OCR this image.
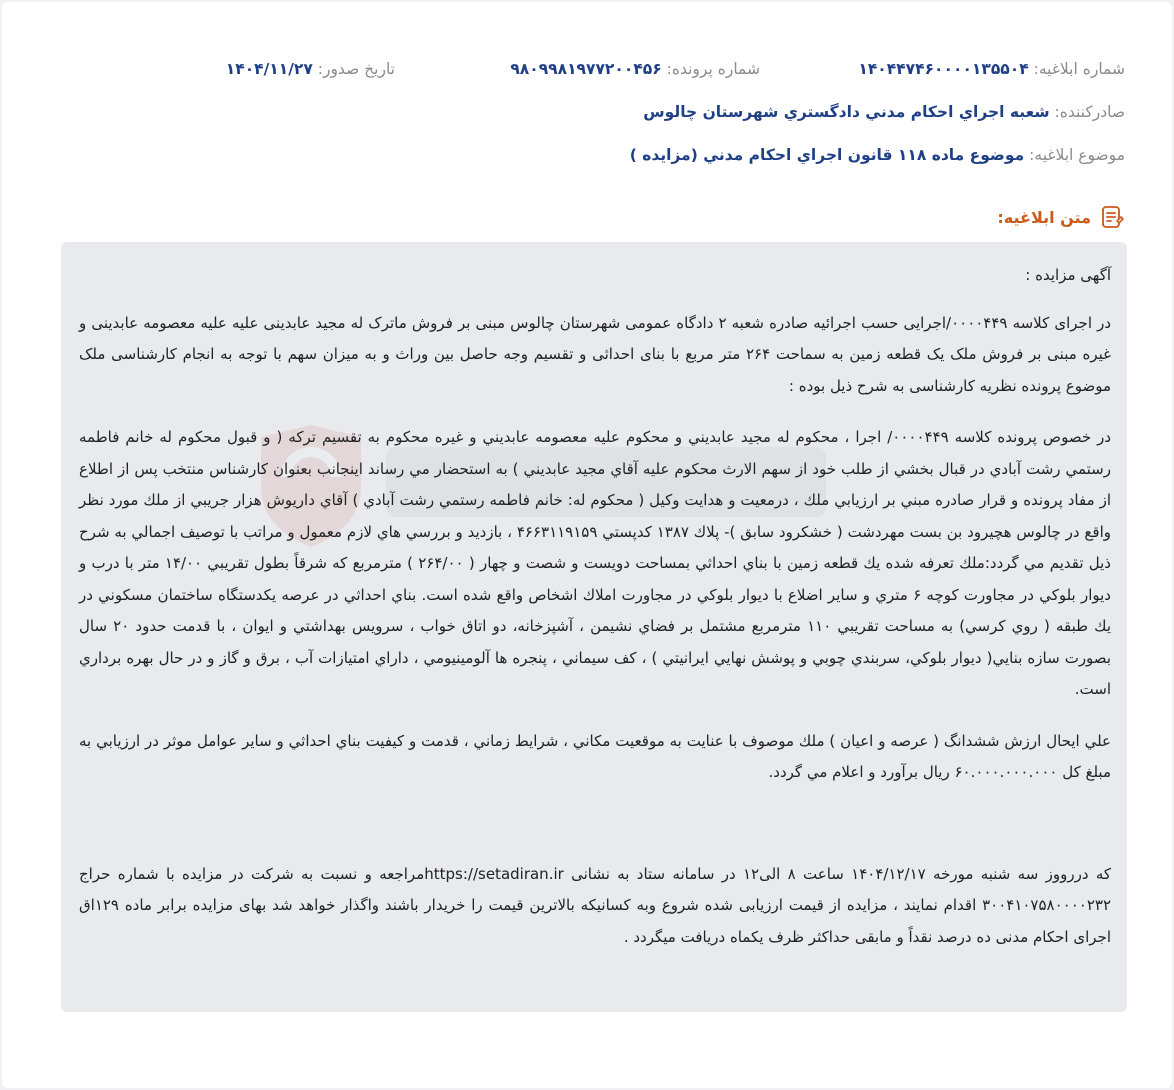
شماره ابلاغيه: ۱۴۰۴۴۷۴۶۰۰۰۰۱۳۵۵۰۴
شماره پرونده: ۹۸۰۹۹۸۱۹۷۷۲۰۰۴۵۶
تاريخ صدور: ۱۴۰۴/۱۱/۲۷
صادركننده: شعبه اجراي احكام مدني دادگستري شهرستان چالوس
موضوع ابلاغيه: موضوع ماده ۱۱۸ قانون اجراي احكام مدني (مزايده )
متن ابلاغيه:

آگهی مزایده :

در اجرای کلاسه ۰۰۰۰۴۴۹/اجرایی حسب اجرائیه صادره شعبه ۲ دادگاه عمومی شهرستان چالوس مبنی بر فروش ماترک له مجید عابدینی علیه علیه معصومه عابدینی و غیره مبنی بر فروش ملک یک قطعه زمین به سماحت ۲۶۴ متر مربع با بنای احداثی و تقسیم وجه حاصل بین وراث و به میزان سهم با توجه به انجام کارشناسی ملک موضوع پرونده نظریه کارشناسی به شرح ذیل بوده :

در خصوص پرونده كلاسه ۰۰۰۰۴۴۹/ اجرا ، محكوم له مجيد عابديني و محكوم عليه معصومه عابديني و غيره محكوم به تقسيم تركه ( و قبول محكوم له خانم فاطمه رستمي رشت آبادي در قبال بخشي از طلب خود از سهم الارث محكوم عليه آقاي مجيد عابديني ) به استحضار مي رساند اينجانب بعنوان كارشناس منتخب پس از اطلاع از مفاد پرونده و قرار صادره مبني بر ارزيابي ملك ، درمعيت و هدايت وكيل ( محكوم له: خانم فاطمه رستمي رشت آبادي ) آقاي داريوش هزار جريبي از ملك مورد نظر واقع در چالوس هچيرود بن بست مهردشت ( خشكرود سابق )- پلاك ۱۳۸۷ كدپستي ۴۶۶۳۱۱۹۱۵۹ ، بازديد و بررسي هاي لازم معمول و مراتب با توصيف اجمالي به شرح ذيل تقديم مي گردد:ملك تعرفه شده يك قطعه زمين با بناي احداثي بمساحت دويست و شصت و چهار ( ۲۶۴/۰۰ ) مترمربع كه شرقاً بطول تقريبي ۱۴/۰۰ متر با درب و ديوار بلوكي در مجاورت كوچه ۶ متري و ساير اضلاع با ديوار بلوكي در مجاورت املاك اشخاص واقع شده است. بناي احداثي در عرصه يكدستگاه ساختمان مسكوني در يك طبقه ( روي كرسي) به مساحت تقريبي ۱۱۰ مترمربع مشتمل بر فضاي نشيمن ، آشپزخانه، دو اتاق خواب ، سرويس بهداشتي و ايوان ، با قدمت حدود ۲۰ سال بصورت سازه بنايي( ديوار بلوكي، سربندي چوبي و پوشش نهايي ايرانيتي ) ، كف سيماني ، پنجره ها آلومينيومي ، داراي امتيازات آب ، برق و گاز و در حال بهره برداري است.

علي ايحال ارزش ششدانگ ( عرصه و اعيان ) ملك موصوف با عنايت به موقعيت مكاني ، شرايط زماني ، قدمت و كيفيت بناي احداثي و ساير عوامل موثر در ارزيابي به مبلغ كل ۶۰.۰۰۰.۰۰۰.۰۰۰ ريال برآورد و اعلام مي گردد.

كه دررووز سه شنبه مورخه ۱۴۰۴/۱۲/۱۷ ساعت ۸ الی۱۲ در سامانه ستاد به نشانی https://setadiran.irمراجعه و نسبت به شرکت در مزایده با شماره حراج ۳۰۰۴۱۰۷۵۸۰۰۰۰۲۳۲ اقدام نمایند ، مزایده از قیمت ارزیابی شده شروع وبه کسانیکه بالاترین قیمت را خریدار باشند واگذار خواهد شد بهای مزایده برابر ماده ۱۲۹اق اجرای احکام مدنی ده درصد نقداً و مابقی حداکثر ظرف یکماه دریافت میگردد .
